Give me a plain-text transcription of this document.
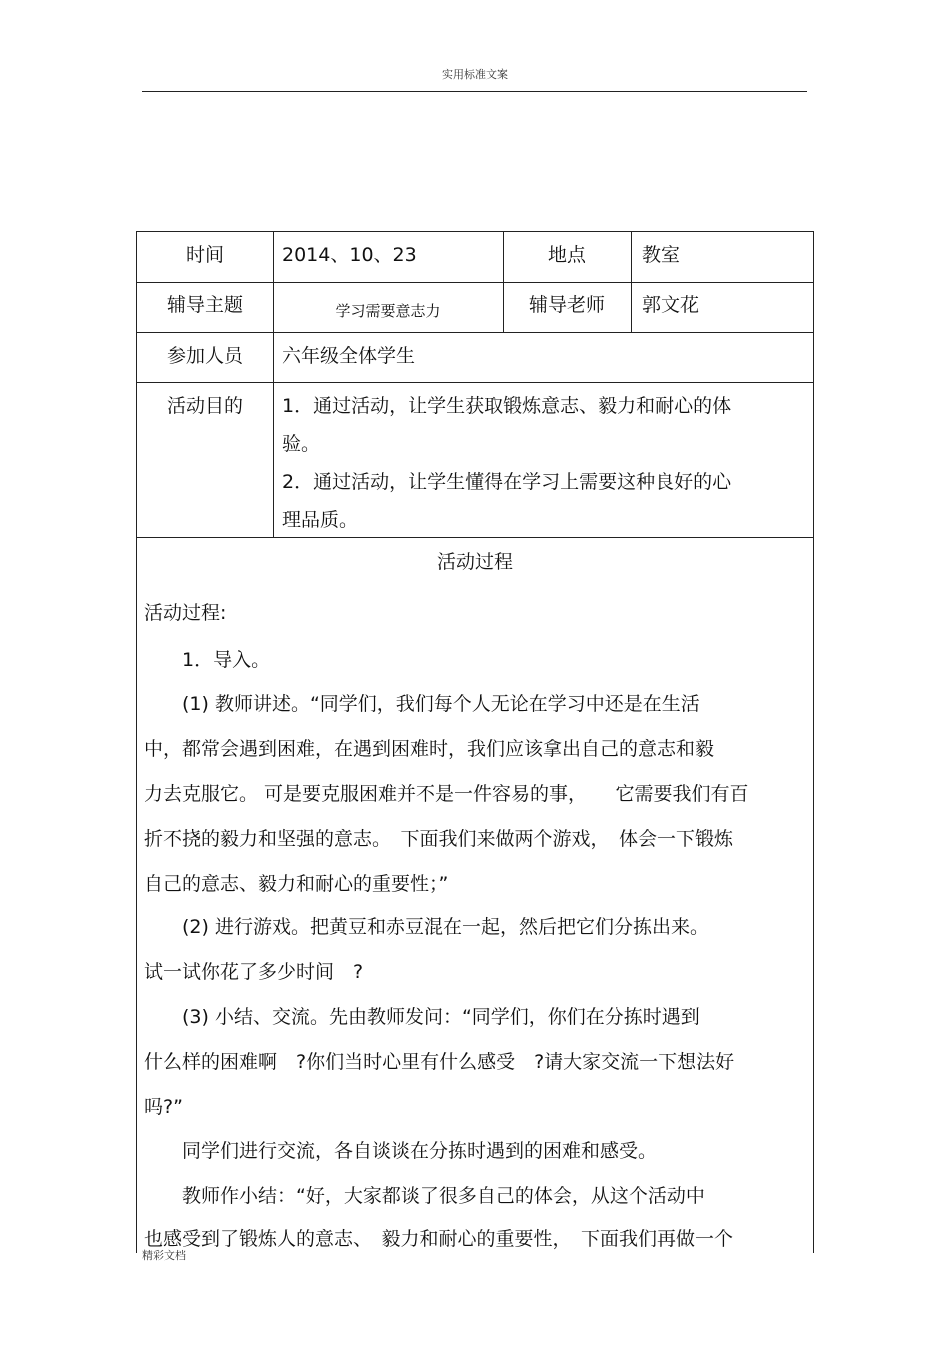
实用标准文案
时间	2014、10、23	地点	教室
辅导主题	学习需要意志力	辅导老师	郭文花
参加人员	六年级全体学生
活动目的	1．通过活动，让学生获取锻炼意志、毅力和耐心的体
验。
2．通过活动，让学生懂得在学习上需要这种良好的心
理品质。
活动过程
活动过程:
　　1．导入。
　　(1) 教师讲述。“同学们，我们每个人无论在学习中还是在生活
中，都常会遇到困难，在遇到困难时，我们应该拿出自己的意志和毅
力去克服它。 可是要克服困难并不是一件容易的事，　　它需要我们有百
折不挠的毅力和坚强的意志。　下面我们来做两个游戏，　体会一下锻炼
自己的意志、毅力和耐心的重要性；”
　　(2) 进行游戏。把黄豆和赤豆混在一起，然后把它们分拣出来。
试一试你花了多少时间　?
　　(3) 小结、交流。先由教师发问：“同学们，你们在分拣时遇到
什么样的困难啊　?你们当时心里有什么感受　?请大家交流一下想法好
吗?”
　　同学们进行交流，各自谈谈在分拣时遇到的困难和感受。
　　教师作小结：“好，大家都谈了很多自己的体会，从这个活动中
也感受到了锻炼人的意志、　毅力和耐心的重要性，　下面我们再做一个
精彩文档
